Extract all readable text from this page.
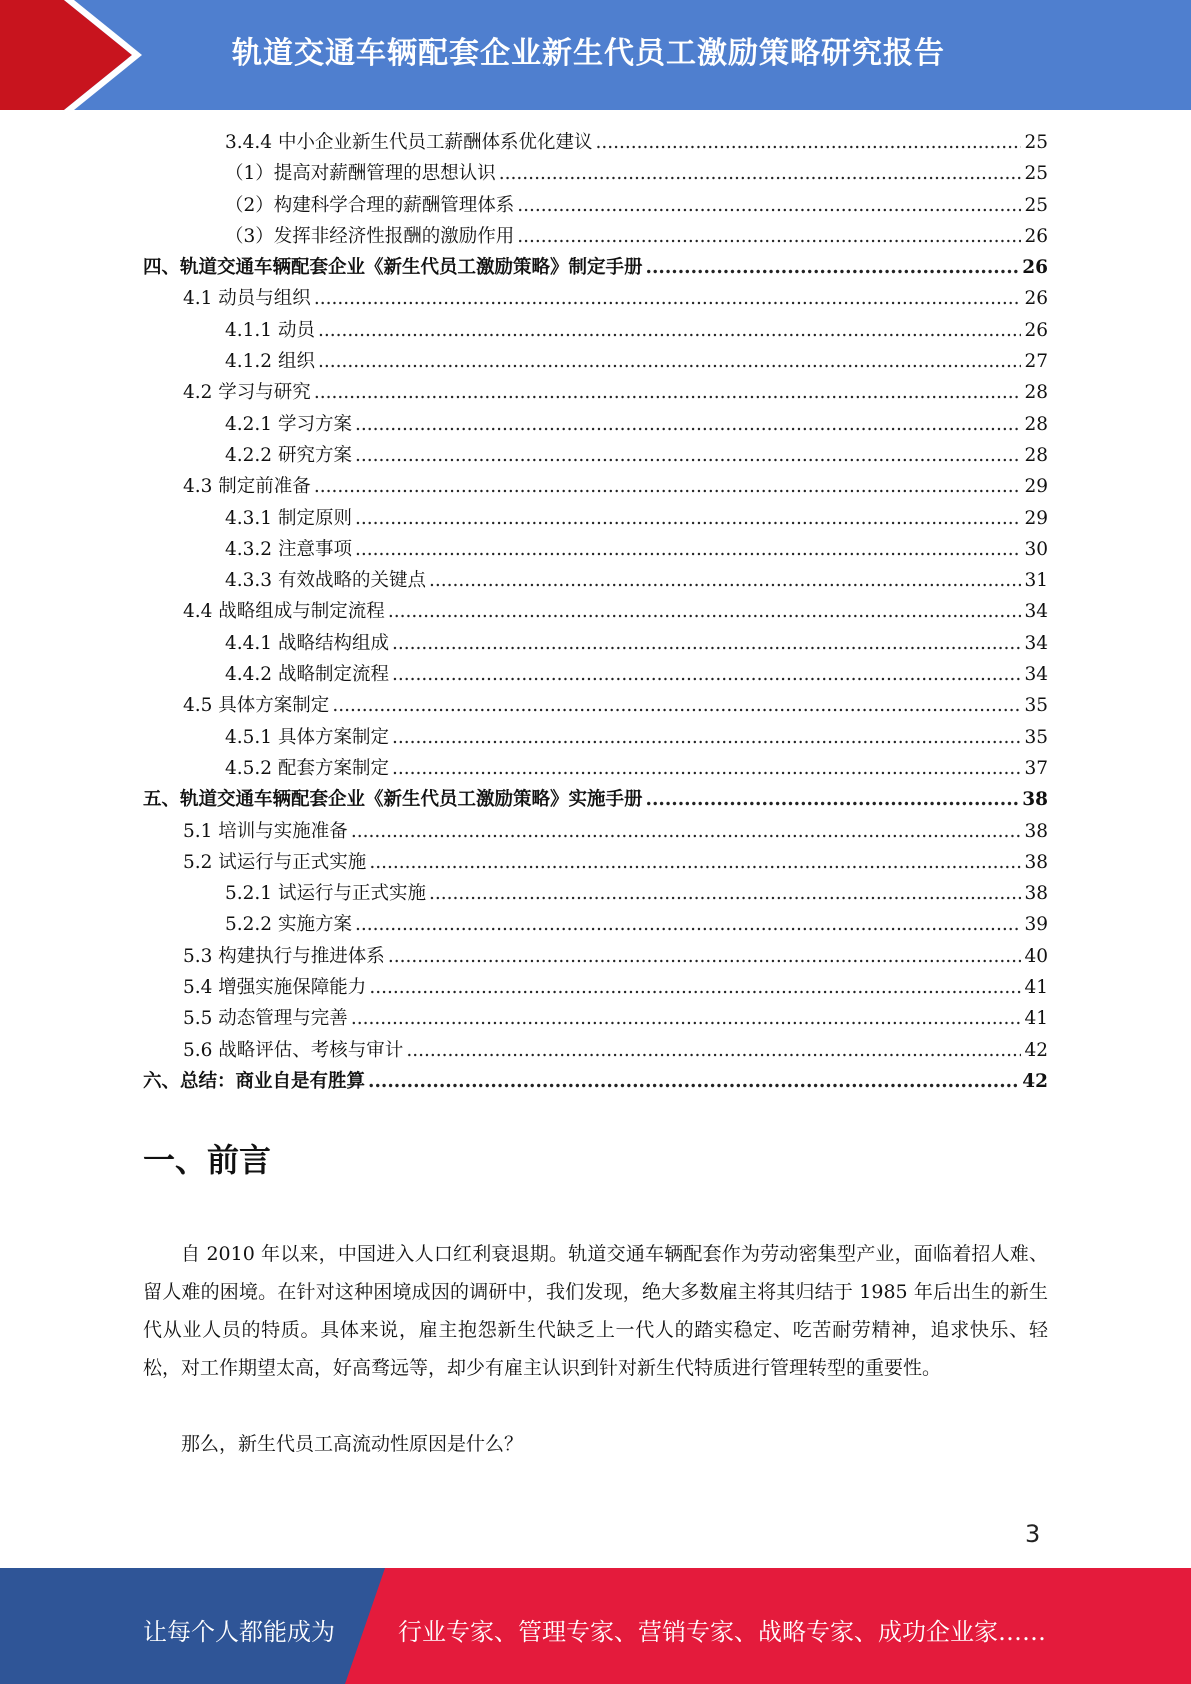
轨道交通车辆配套企业新生代员工激励策略研究报告
3.4.4 中小企业新生代员工薪酬体系优化建议 .....	25
（1）提高对薪酬管理的思想认识 .....	25
（2）构建科学合理的薪酬管理体系 .....	25
（3）发挥非经济性报酬的激励作用 .....	26
四、轨道交通车辆配套企业《新生代员工激励策略》制定手册 .....	26
4.1 动员与组织 .....	26
4.1.1 动员 .....	26
4.1.2 组织 .....	27
4.2 学习与研究 .....	28
4.2.1 学习方案 .....	28
4.2.2 研究方案 .....	28
4.3 制定前准备 .....	29
4.3.1 制定原则 .....	29
4.3.2 注意事项 .....	30
4.3.3 有效战略的关键点 .....	31
4.4 战略组成与制定流程 .....	34
4.4.1 战略结构组成 .....	34
4.4.2 战略制定流程 .....	34
4.5 具体方案制定 .....	35
4.5.1 具体方案制定 .....	35
4.5.2 配套方案制定 .....	37
五、轨道交通车辆配套企业《新生代员工激励策略》实施手册 .....	38
5.1 培训与实施准备 .....	38
5.2 试运行与正式实施 .....	38
5.2.1 试运行与正式实施 .....	38
5.2.2 实施方案 .....	39
5.3 构建执行与推进体系 .....	40
5.4 增强实施保障能力 .....	41
5.5 动态管理与完善 .....	41
5.6 战略评估、考核与审计 .....	42
六、总结：商业自是有胜算 .....	42
一、前言

自 2010 年以来，中国进入人口红利衰退期。轨道交通车辆配套作为劳动密集型产业，面临着招人难、留人难的困境。在针对这种困境成因的调研中，我们发现，绝大多数雇主将其归结于 1985 年后出生的新生代从业人员的特质。具体来说，雇主抱怨新生代缺乏上一代人的踏实稳定、吃苦耐劳精神，追求快乐、轻松，对工作期望太高，好高骛远等，却少有雇主认识到针对新生代特质进行管理转型的重要性。

那么，新生代员工高流动性原因是什么？

3
让每个人都能成为	行业专家、管理专家、营销专家、战略专家、成功企业家……
